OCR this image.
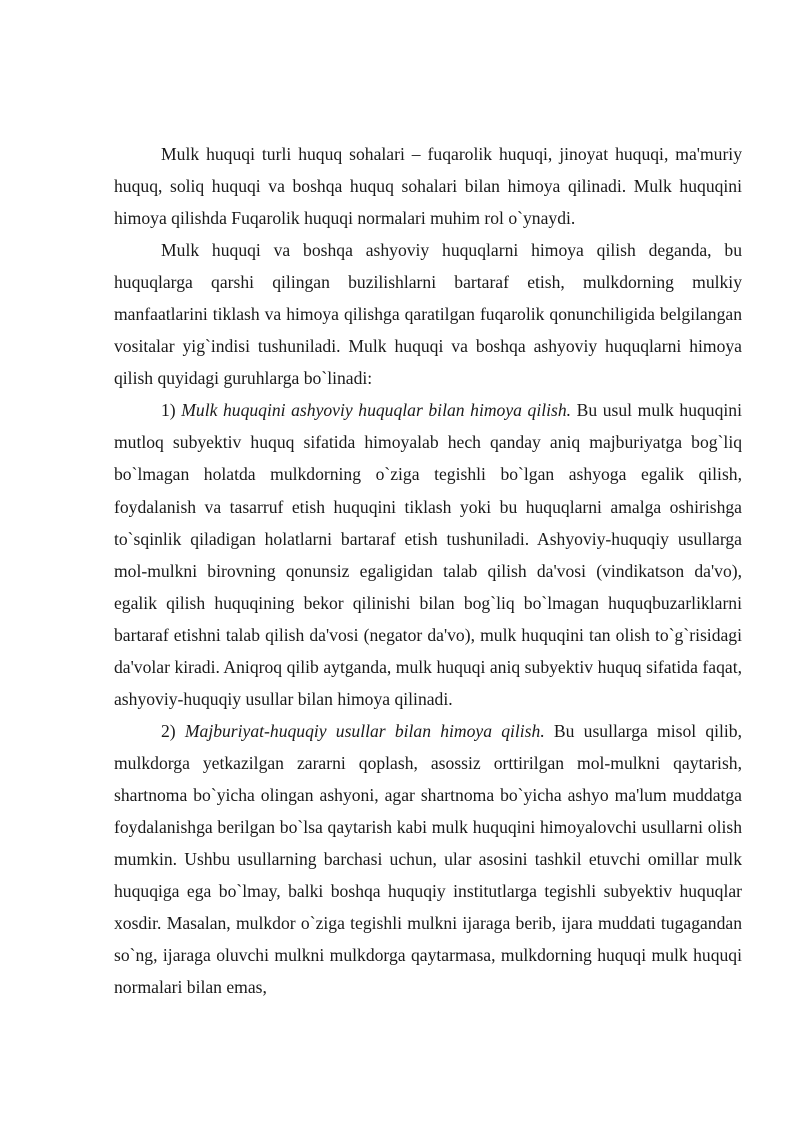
Mulk huquqi turli huquq sohalari – fuqarolik huquqi, jinoyat huquqi, ma'muriy huquq, soliq huquqi va boshqa huquq sohalari bilan himoya qilinadi. Mulk huquqini himoya qilishda Fuqarolik huquqi normalari muhim rol o`ynaydi.

Mulk huquqi va boshqa ashyoviy huquqlarni himoya qilish deganda, bu huquqlarga qarshi qilingan buzilishlarni bartaraf etish, mulkdorning mulkiy manfaatlarini tiklash va himoya qilishga qaratilgan fuqarolik qonunchiligida belgilangan vositalar yig`indisi tushuniladi. Mulk huquqi va boshqa ashyoviy huquqlarni himoya qilish quyidagi guruhlarga bo`linadi:

1) Mulk huquqini ashyoviy huquqlar bilan himoya qilish. Bu usul mulk huquqini mutloq subyektiv huquq sifatida himoyalab hech qanday aniq majburiyatga bog`liq bo`lmagan holatda mulkdorning o`ziga tegishli bo`lgan ashyoga egalik qilish, foydalanish va tasarruf etish huquqini tiklash yoki bu huquqlarni amalga oshirishga to`sqinlik qiladigan holatlarni bartaraf etish tushuniladi. Ashyoviy-huquqiy usullarga mol-mulkni birovning qonunsiz egaligidan talab qilish da'vosi (vindikatson da'vo), egalik qilish huquqining bekor qilinishi bilan bog`liq bo`lmagan huquqbuzarliklarni bartaraf etishni talab qilish da'vosi (negator da'vo), mulk huquqini tan olish to`g`risidagi da'volar kiradi. Aniqroq qilib aytganda, mulk huquqi aniq subyektiv huquq sifatida faqat, ashyoviy-huquqiy usullar bilan himoya qilinadi.

2) Majburiyat-huquqiy usullar bilan himoya qilish. Bu usullarga misol qilib, mulkdorga yetkazilgan zararni qoplash, asossiz orttirilgan mol-mulkni qaytarish, shartnoma bo`yicha olingan ashyoni, agar shartnoma bo`yicha ashyo ma'lum muddatga foydalanishga berilgan bo`lsa qaytarish kabi mulk huquqini himoyalovchi usullarni olish mumkin. Ushbu usullarning barchasi uchun, ular asosini tashkil etuvchi omillar mulk huquqiga ega bo`lmay, balki boshqa huquqiy institutlarga tegishli subyektiv huquqlar xosdir. Masalan, mulkdor o`ziga tegishli mulkni ijaraga berib, ijara muddati tugagandan so`ng, ijaraga oluvchi mulkni mulkdorga qaytarmasa, mulkdorning huquqi mulk huquqi normalari bilan emas,
